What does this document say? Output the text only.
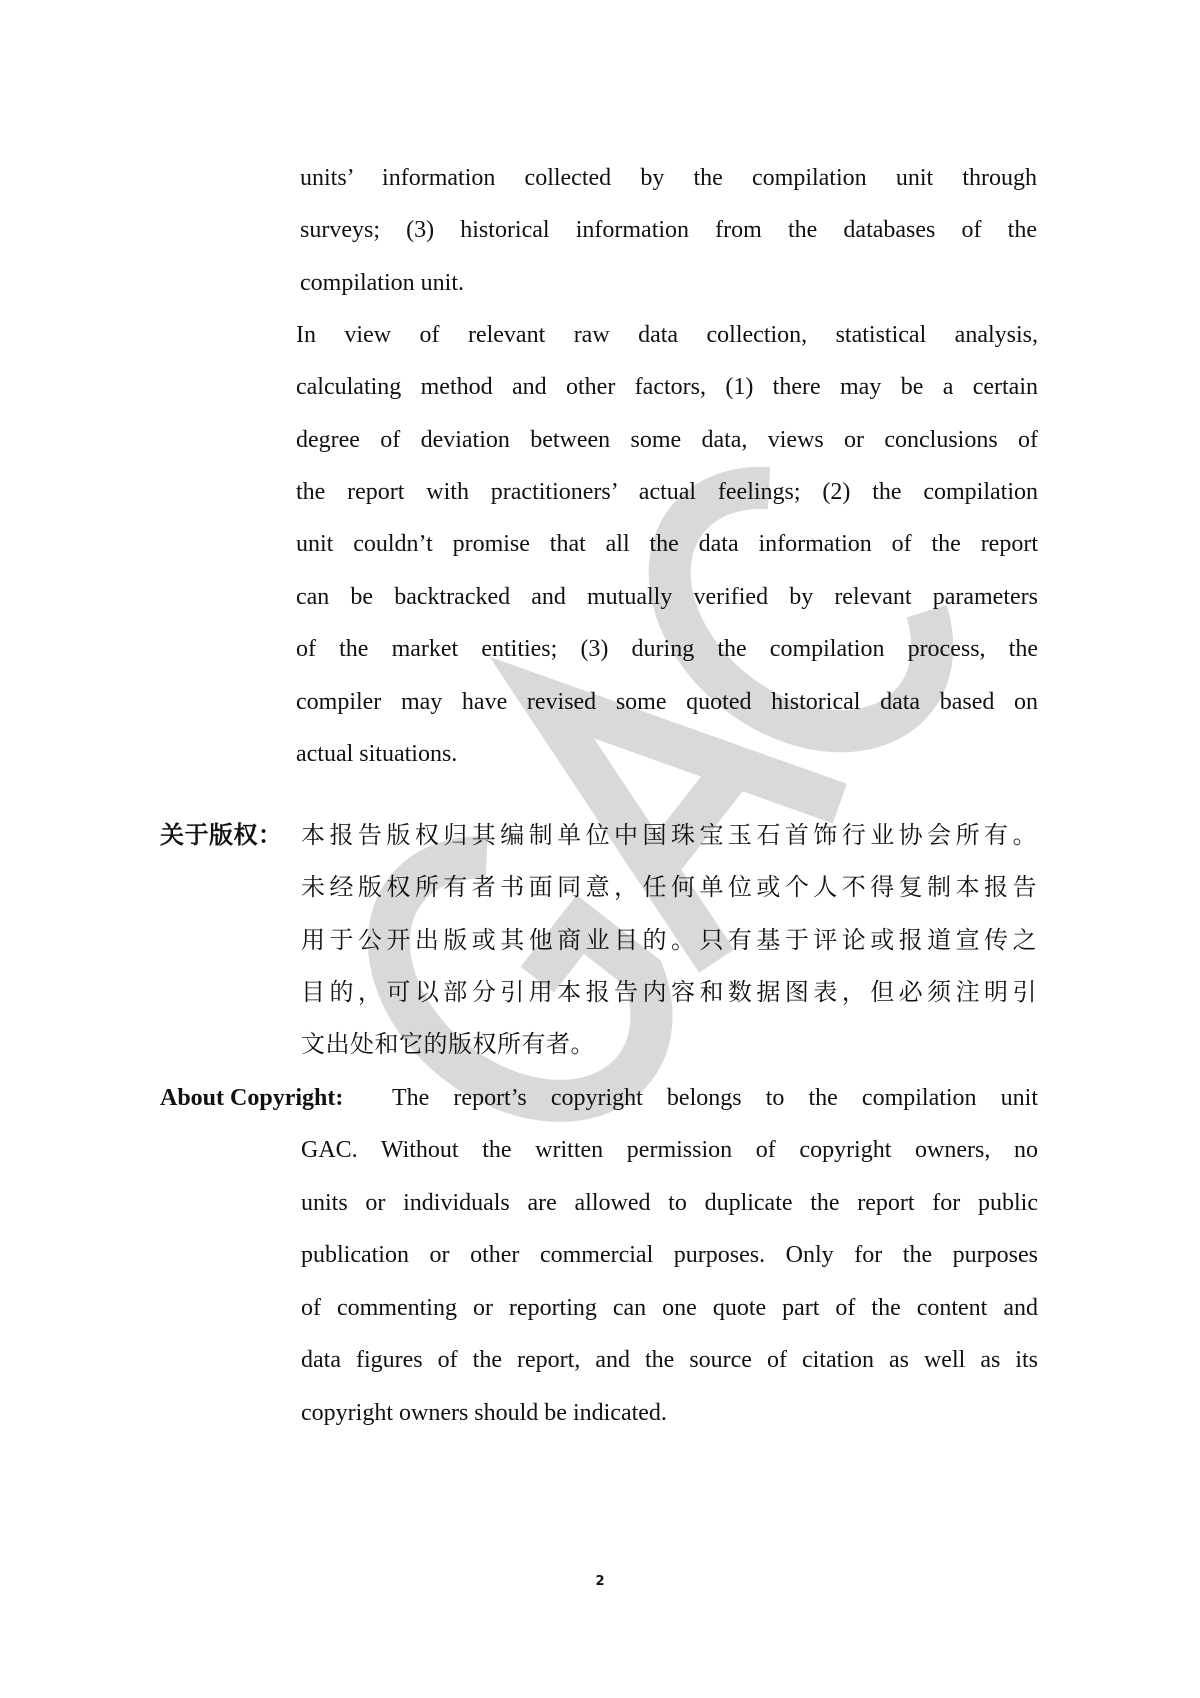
units’ information collected by the compilation unit through
surveys; (3) historical information from the databases of the
compilation unit.
In view of relevant raw data collection, statistical analysis,
calculating method and other factors, (1) there may be a certain
degree of deviation between some data, views or conclusions of
the report with practitioners’ actual feelings; (2) the compilation
unit couldn’t promise that all the data information of the report
can be backtracked and mutually verified by relevant parameters
of the market entities; (3) during the compilation process, the
compiler may have revised some quoted historical data based on
actual situations.
关于版权： 本报告版权归其编制单位中国珠宝玉石首饰行业协会所有。
未经版权所有者书面同意，任何单位或个人不得复制本报告
用于公开出版或其他商业目的。只有基于评论或报道宣传之
目的，可以部分引用本报告内容和数据图表，但必须注明引
文出处和它的版权所有者。
About Copyright: The report’s copyright belongs to the compilation unit
GAC. Without the written permission of copyright owners, no
units or individuals are allowed to duplicate the report for public
publication or other commercial purposes. Only for the purposes
of commenting or reporting can one quote part of the content and
data figures of the report, and the source of citation as well as its
copyright owners should be indicated.
2
